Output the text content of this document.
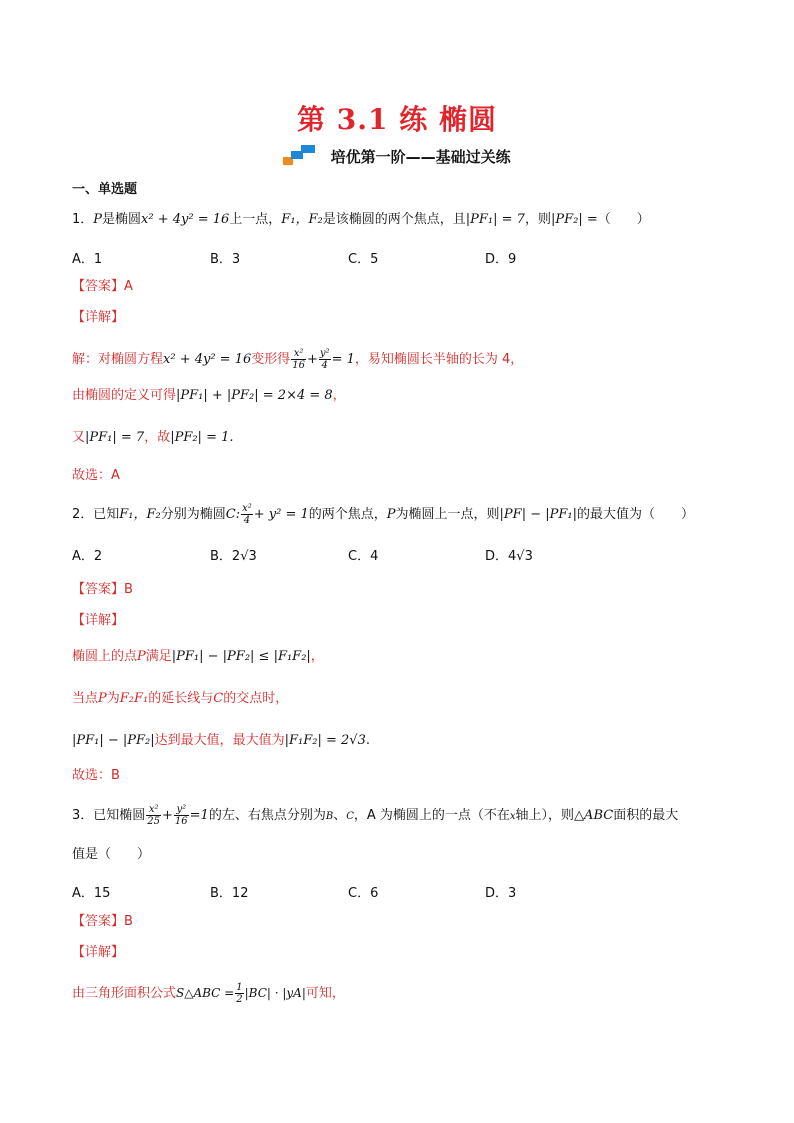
第 3.1 练 椭圆
培优第一阶——基础过关练
一、单选题
1．P是椭圆x² + 4y² = 16上一点，F₁，F₂是该椭圆的两个焦点，且|PF₁| = 7，则|PF₂| =（　　）
A．1	B．3	C．5	D．9
【答案】A
【详解】
解：对椭圆方程x² + 4y² = 16变形得 $\frac{\text{x²}}{16} + \frac{\text{y²}}{4} = 1$，易知椭圆长半轴的长为 4，
由椭圆的定义可得|PF₁| + |PF₂| = 2×4 = 8，
又|PF₁| = 7，故|PF₂| = 1.
故选：A
2．已知F₁，F₂分别为椭圆C: $\frac{\text{x²}}{4} + y^2 = 1$的两个焦点，P为椭圆上一点，则|PF| − |PF₁|的最大值为（　　）
A．2	B．2√3	C．4	D．4√3
【答案】B
【详解】
椭圆上的点P满足|PF₁| − |PF₂| ≤ |F₁F₂|，
当点P为F₂F₁的延长线与C的交点时，
|PF₁| − |PF₂|达到最大值，最大值为|F₁F₂| = 2√3.
故选：B
3．已知椭圆 $\frac{\text{x²}}{25} + \frac{\text{y²}}{16} =1$的左、右焦点分别为B、C，A 为椭圆上的一点（不在x轴上），则△ABC面积的最大
值是（　　）
A．15	B．12	C．6	D．3
【答案】B
【详解】
由三角形面积公式S△ABC = $\frac{1}{2} |BC| \cdot |yA|$可知，
